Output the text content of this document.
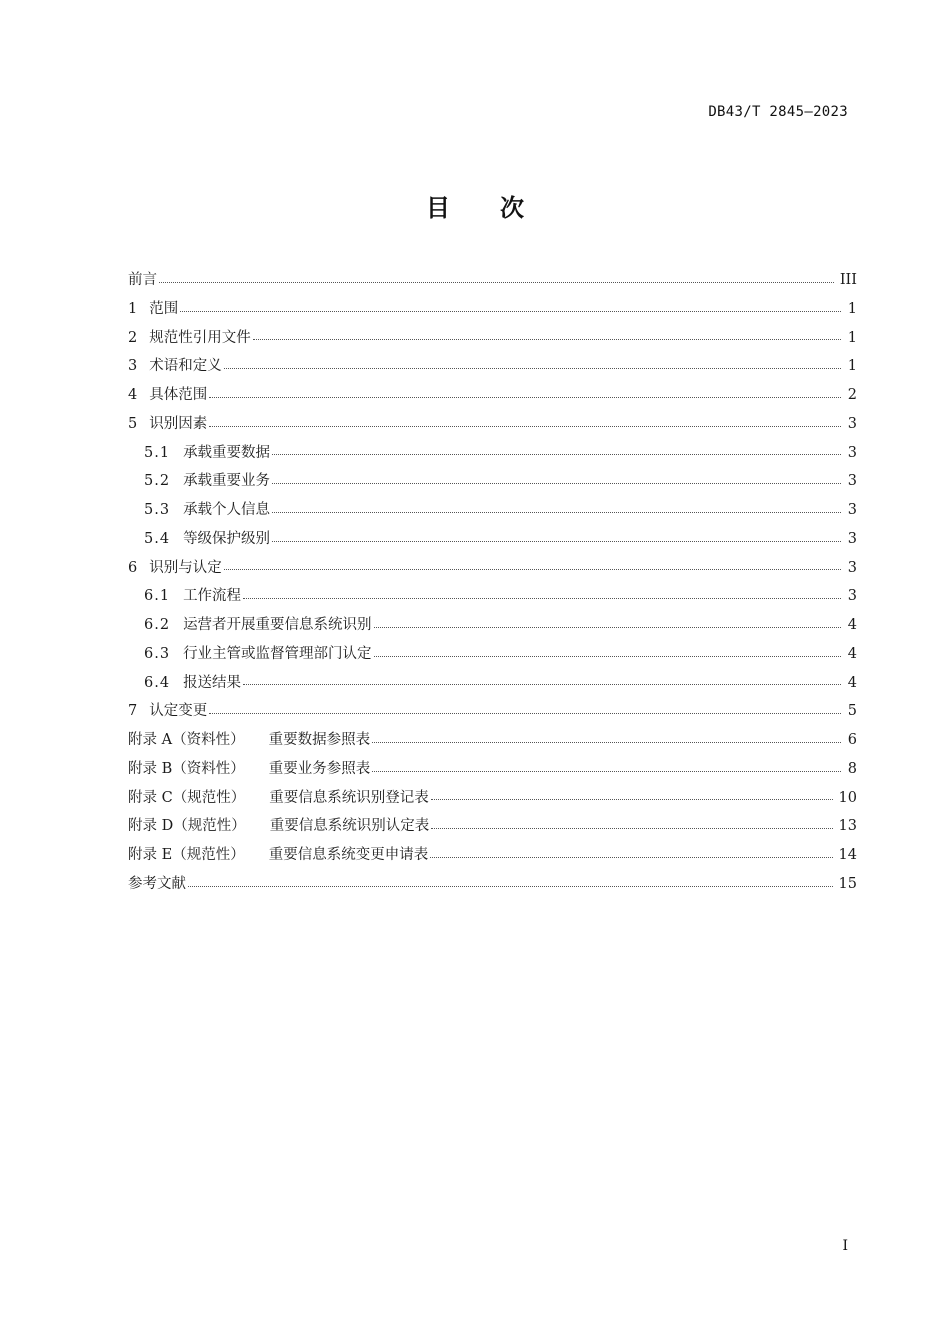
DB43/T 2845—2023
目次
前言	III
1 范围	1
2 规范性引用文件	1
3 术语和定义	1
4 具体范围	2
5 识别因素	3
5.1 承载重要数据	3
5.2 承载重要业务	3
5.3 承载个人信息	3
5.4 等级保护级别	3
6 识别与认定	3
6.1 工作流程	3
6.2 运营者开展重要信息系统识别	4
6.3 行业主管或监督管理部门认定	4
6.4 报送结果	4
7 认定变更	5
附录 A（资料性） 重要数据参照表	6
附录 B（资料性） 重要业务参照表	8
附录 C（规范性） 重要信息系统识别登记表	10
附录 D（规范性） 重要信息系统识别认定表	13
附录 E（规范性） 重要信息系统变更申请表	14
参考文献	15
I
